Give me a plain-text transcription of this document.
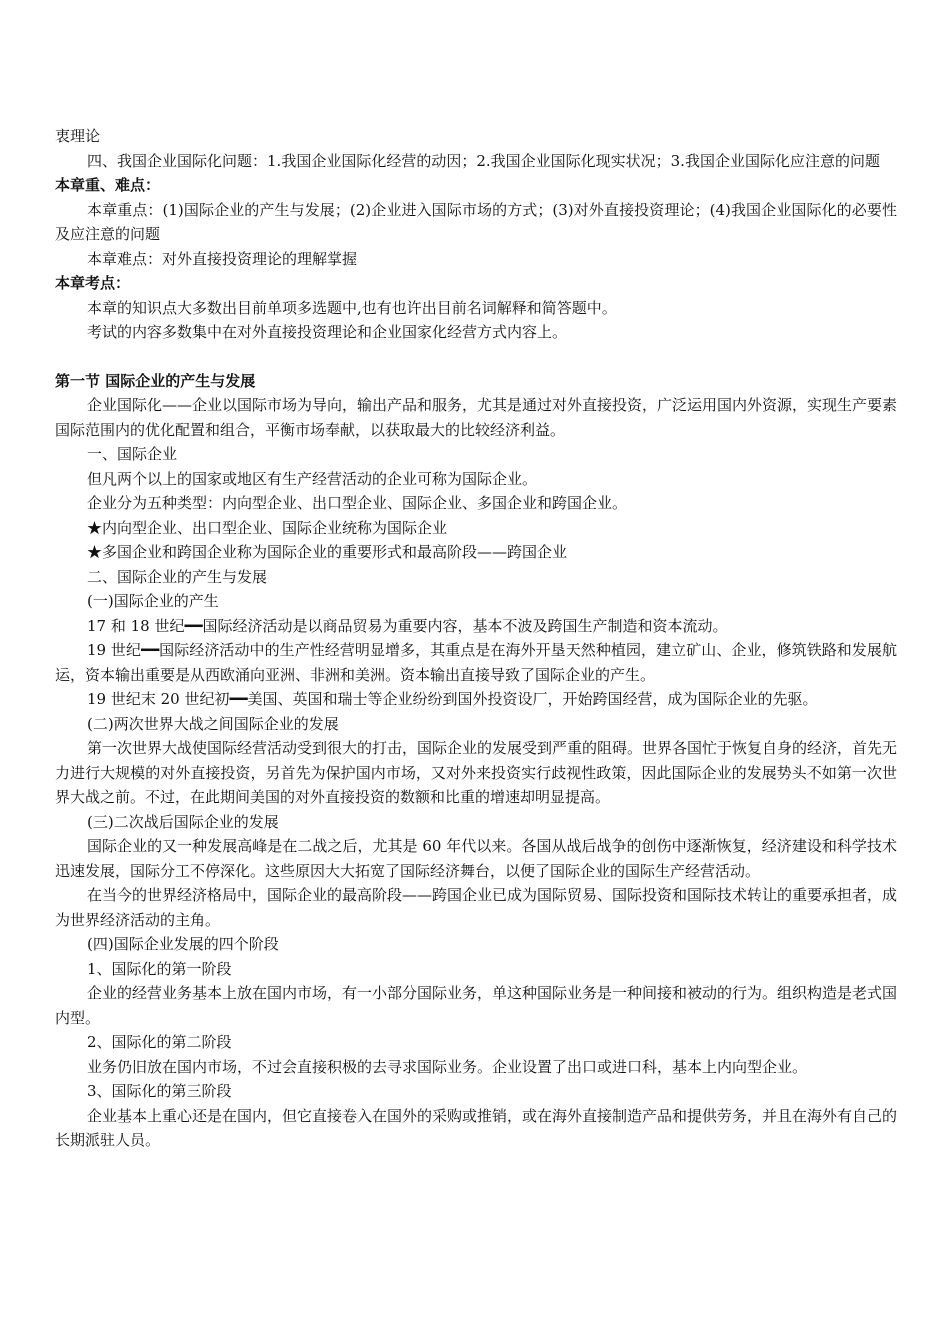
衷理论

四、我国企业国际化问题：1.我国企业国际化经营的动因；2.我国企业国际化现实状况；3.我国企业国际化应注意的问题

本章重、难点：

本章重点：(1)国际企业的产生与发展；(2)企业进入国际市场的方式；(3)对外直接投资理论；(4)我国企业国际化的必要性及应注意的问题

本章难点：对外直接投资理论的理解掌握

本章考点：

本章的知识点大多数出目前单项多选题中,也有也许出目前名词解释和简答题中。

考试的内容多数集中在对外直接投资理论和企业国家化经营方式内容上。

第一节 国际企业的产生与发展

企业国际化——企业以国际市场为导向，输出产品和服务，尤其是通过对外直接投资，广泛运用国内外资源，实现生产要素国际范围内的优化配置和组合，平衡市场奉献，以获取最大的比较经济利益。

一、国际企业

但凡两个以上的国家或地区有生产经营活动的企业可称为国际企业。

企业分为五种类型：内向型企业、出口型企业、国际企业、多国企业和跨国企业。

★内向型企业、出口型企业、国际企业统称为国际企业

★多国企业和跨国企业称为国际企业的重要形式和最高阶段——跨国企业

二、国际企业的产生与发展

(一)国际企业的产生

17 和 18 世纪━━国际经济活动是以商品贸易为重要内容，基本不波及跨国生产制造和资本流动。

19 世纪━━国际经济活动中的生产性经营明显增多，其重点是在海外开垦天然种植园，建立矿山、企业，修筑铁路和发展航运，资本输出重要是从西欧涌向亚洲、非洲和美洲。资本输出直接导致了国际企业的产生。

19 世纪末 20 世纪初━━美国、英国和瑞士等企业纷纷到国外投资设厂，开始跨国经营，成为国际企业的先驱。

(二)两次世界大战之间国际企业的发展

第一次世界大战使国际经营活动受到很大的打击，国际企业的发展受到严重的阻碍。世界各国忙于恢复自身的经济，首先无力进行大规模的对外直接投资，另首先为保护国内市场，又对外来投资实行歧视性政策，因此国际企业的发展势头不如第一次世界大战之前。不过，在此期间美国的对外直接投资的数额和比重的增速却明显提高。

(三)二次战后国际企业的发展

国际企业的又一种发展高峰是在二战之后，尤其是 60 年代以来。各国从战后战争的创伤中逐渐恢复，经济建设和科学技术迅速发展，国际分工不停深化。这些原因大大拓宽了国际经济舞台，以便了国际企业的国际生产经营活动。

在当今的世界经济格局中，国际企业的最高阶段——跨国企业已成为国际贸易、国际投资和国际技术转让的重要承担者，成为世界经济活动的主角。

(四)国际企业发展的四个阶段

1、国际化的第一阶段

企业的经营业务基本上放在国内市场，有一小部分国际业务，单这种国际业务是一种间接和被动的行为。组织构造是老式国内型。

2、国际化的第二阶段

业务仍旧放在国内市场，不过会直接积极的去寻求国际业务。企业设置了出口或进口科，基本上内向型企业。

3、国际化的第三阶段

企业基本上重心还是在国内，但它直接卷入在国外的采购或推销，或在海外直接制造产品和提供劳务，并且在海外有自己的长期派驻人员。
